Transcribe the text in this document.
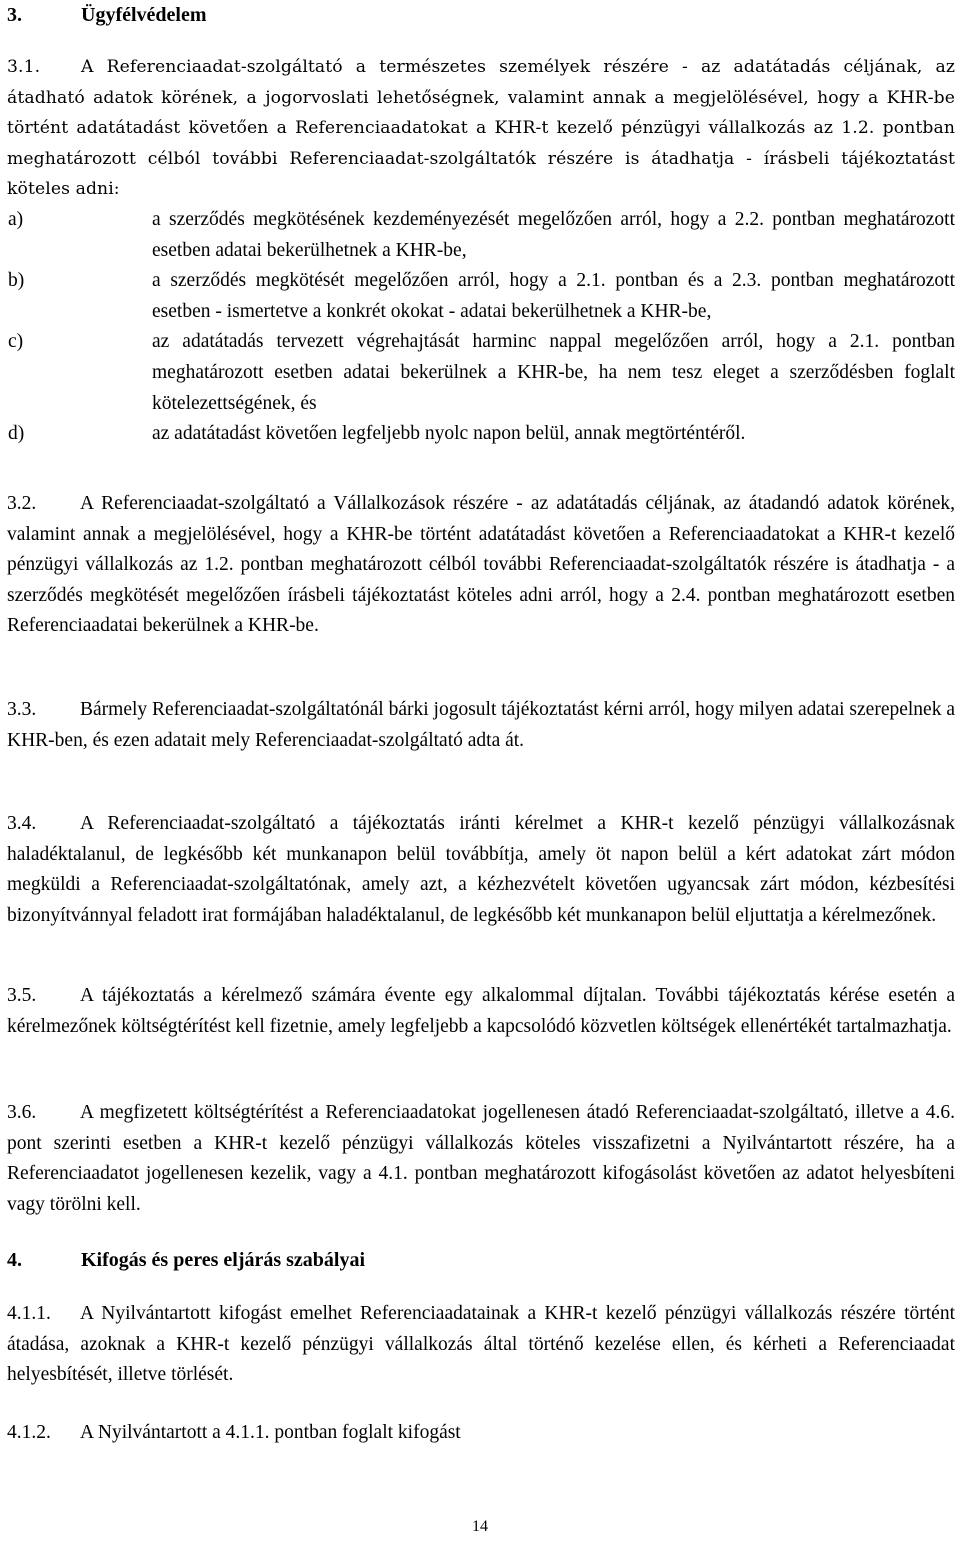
3.	Ügyfélvédelem

3.1. A Referenciaadat-szolgáltató a természetes személyek részére - az adatátadás céljának, az átadható adatok körének, a jogorvoslati lehetőségnek, valamint annak a megjelölésével, hogy a KHR-be történt adatátadást követően a Referenciaadatokat a KHR-t kezelő pénzügyi vállalkozás az 1.2. pontban meghatározott célból további Referenciaadat-szolgáltatók részére is átadhatja - írásbeli tájékoztatást köteles adni:

a)	a szerződés megkötésének kezdeményezését megelőzően arról, hogy a 2.2. pontban meghatározott esetben adatai bekerülhetnek a KHR-be,
b)	a szerződés megkötését megelőzően arról, hogy a 2.1. pontban és a 2.3. pontban meghatározott esetben - ismertetve a konkrét okokat - adatai bekerülhetnek a KHR-be,
c)	az adatátadás tervezett végrehajtását harminc nappal megelőzően arról, hogy a 2.1. pontban meghatározott esetben adatai bekerülnek a KHR-be, ha nem tesz eleget a szerződésben foglalt kötelezettségének, és
d)	az adatátadást követően legfeljebb nyolc napon belül, annak megtörténtéről.

3.2. A Referenciaadat-szolgáltató a Vállalkozások részére - az adatátadás céljának, az átadandó adatok körének, valamint annak a megjelölésével, hogy a KHR-be történt adatátadást követően a Referenciaadatokat a KHR-t kezelő pénzügyi vállalkozás az 1.2. pontban meghatározott célból további Referenciaadat-szolgáltatók részére is átadhatja - a szerződés megkötését megelőzően írásbeli tájékoztatást köteles adni arról, hogy a 2.4. pontban meghatározott esetben Referenciaadatai bekerülnek a KHR-be.

3.3. Bármely Referenciaadat-szolgáltatónál bárki jogosult tájékoztatást kérni arról, hogy milyen adatai szerepelnek a KHR-ben, és ezen adatait mely Referenciaadat-szolgáltató adta át.

3.4. A Referenciaadat-szolgáltató a tájékoztatás iránti kérelmet a KHR-t kezelő pénzügyi vállalkozásnak haladéktalanul, de legkésőbb két munkanapon belül továbbítja, amely öt napon belül a kért adatokat zárt módon megküldi a Referenciaadat-szolgáltatónak, amely azt, a kézhezvételt követően ugyancsak zárt módon, kézbesítési bizonyítvánnyal feladott irat formájában haladéktalanul, de legkésőbb két munkanapon belül eljuttatja a kérelmezőnek.

3.5. A tájékoztatás a kérelmező számára évente egy alkalommal díjtalan. További tájékoztatás kérése esetén a kérelmezőnek költségtérítést kell fizetnie, amely legfeljebb a kapcsolódó közvetlen költségek ellenértékét tartalmazhatja.

3.6. A megfizetett költségtérítést a Referenciaadatokat jogellenesen átadó Referenciaadat-szolgáltató, illetve a 4.6. pont szerinti esetben a KHR-t kezelő pénzügyi vállalkozás köteles visszafizetni a Nyilvántartott részére, ha a Referenciaadatot jogellenesen kezelik, vagy a 4.1. pontban meghatározott kifogásolást követően az adatot helyesbíteni vagy törölni kell.

4.	Kifogás és peres eljárás szabályai

4.1.1. A Nyilvántartott kifogást emelhet Referenciaadatainak a KHR-t kezelő pénzügyi vállalkozás részére történt átadása, azoknak a KHR-t kezelő pénzügyi vállalkozás által történő kezelése ellen, és kérheti a Referenciaadat helyesbítését, illetve törlését.

4.1.2. A Nyilvántartott a 4.1.1. pontban foglalt kifogást

14
